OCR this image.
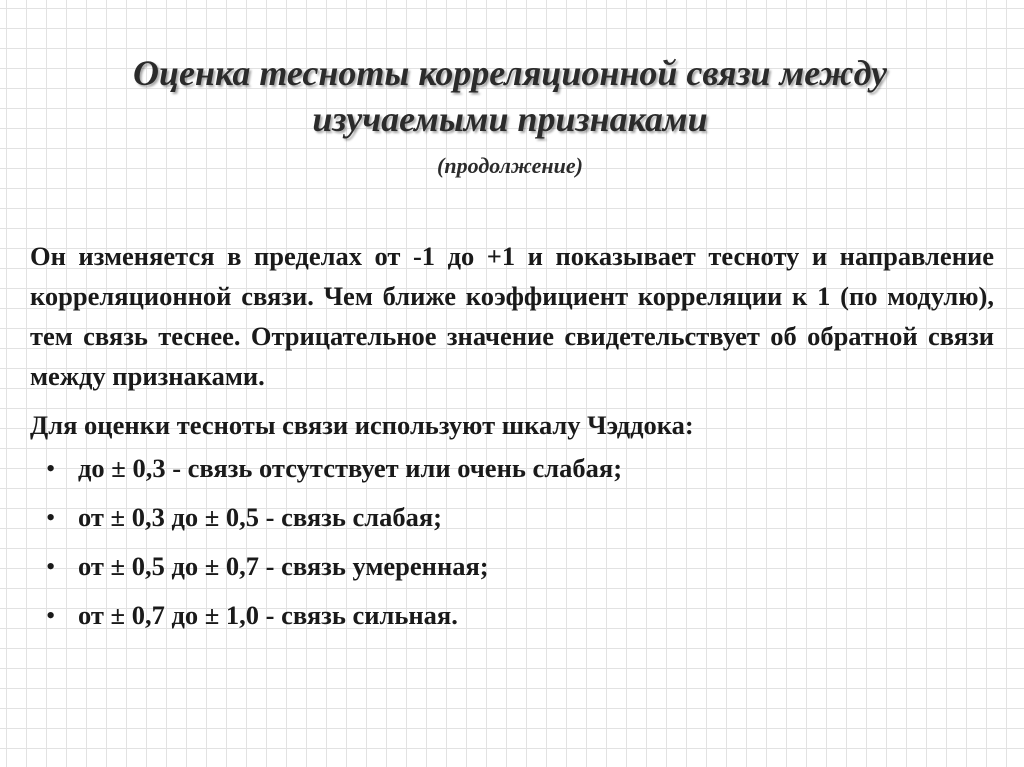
Оценка тесноты корреляционной связи между
изучаемыми признаками
(продолжение)

Он изменяется в пределах от -1 до +1 и показывает тесноту и направление корреляционной связи. Чем ближе коэффициент корреляции к 1 (по модулю), тем связь теснее. Отрицательное значение свидетельствует об обратной связи между признаками.

Для оценки тесноты связи используют шкалу Чэддока:

• до ± 0,3 - связь отсутствует или очень слабая;
• от ± 0,3 до ± 0,5 - связь слабая;
• от ± 0,5 до ± 0,7 - связь умеренная;
• от ± 0,7 до ± 1,0 - связь сильная.
